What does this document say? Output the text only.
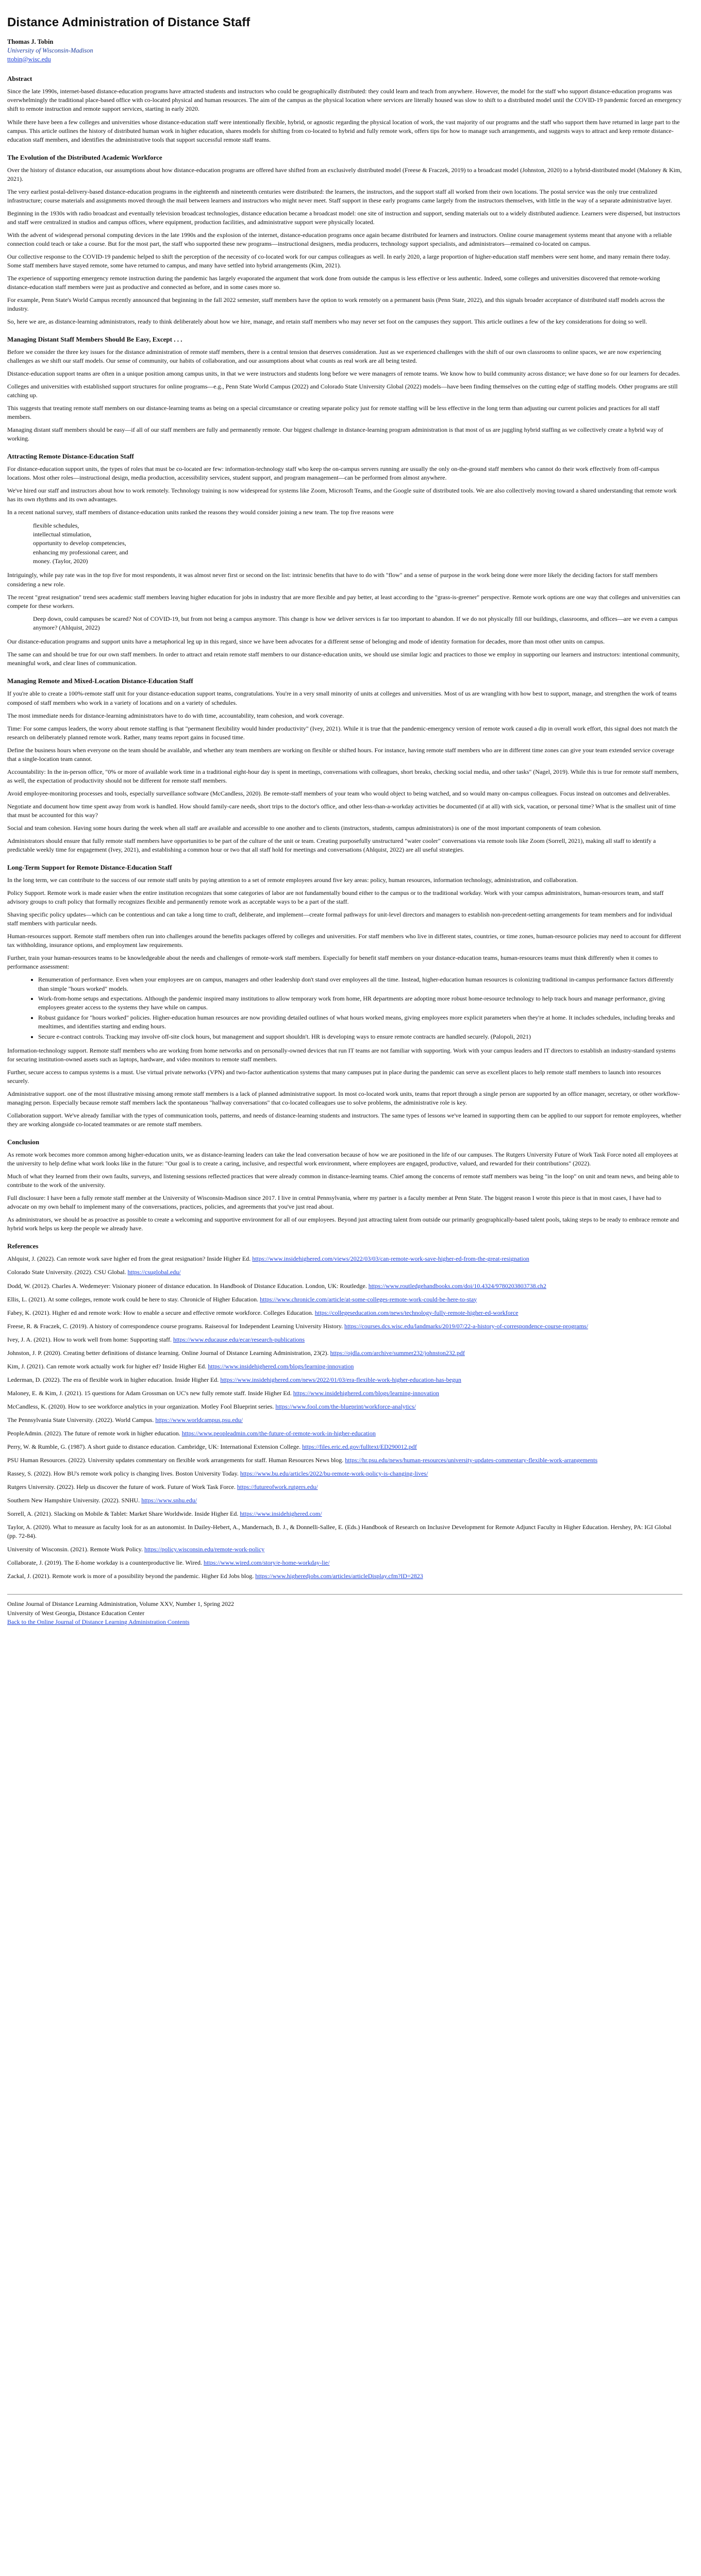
Distance Administration of Distance Staff
Thomas J. Tobin
University of Wisconsin-Madison
ttobin@wisc.edu
Abstract

Since the late 1990s, internet-based distance-education programs have attracted students and instructors who could be geographically distributed: they could learn and teach from anywhere. However, the model for the staff who support distance-education programs was overwhelmingly the traditional place-based office with co-located physical and human resources. The aim of the campus as the physical location where services are literally housed was slow to shift to a distributed model until the COVID-19 pandemic forced an emergency shift to remote instruction and remote support services, starting in early 2020.

While there have been a few colleges and universities whose distance-education staff were intentionally flexible, hybrid, or agnostic regarding the physical location of work, the vast majority of our programs and the staff who support them have returned in large part to the campus. This article outlines the history of distributed human work in higher education, shares models for shifting from co-located to hybrid and fully remote work, offers tips for how to manage such arrangements, and suggests ways to attract and keep remote distance-education staff members, and identifies the administrative tools that support successful remote staff teams.

The Evolution of the Distributed Academic Workforce

Over the history of distance education, our assumptions about how distance-education programs are offered have shifted from an exclusively distributed model (Freese & Fraczek, 2019) to a broadcast model (Johnston, 2020) to a hybrid-distributed model (Maloney & Kim, 2021).

The very earliest postal-delivery-based distance-education programs in the eighteenth and nineteenth centuries were distributed: the learners, the instructors, and the support staff all worked from their own locations. The postal service was the only true centralized infrastructure; course materials and assignments moved through the mail between learners and instructors who might never meet. Staff support in these early programs came largely from the instructors themselves, with little in the way of a separate administrative layer.

Beginning in the 1930s with radio broadcast and eventually television broadcast technologies, distance education became a broadcast model: one site of instruction and support, sending materials out to a widely distributed audience. Learners were dispersed, but instructors and staff were centralized in studios and campus offices, where equipment, production facilities, and administrative support were physically located.

With the advent of widespread personal computing devices in the late 1990s and the explosion of the internet, distance-education programs once again became distributed for learners and instructors. Online course management systems meant that anyone with a reliable connection could teach or take a course. But for the most part, the staff who supported these new programs—instructional designers, media producers, technology support specialists, and administrators—remained co-located on campus.

Our collective response to the COVID-19 pandemic helped to shift the perception of the necessity of co-located work for our campus colleagues as well. In early 2020, a large proportion of higher-education staff members were sent home, and many remain there today. Some staff members have stayed remote, some have returned to campus, and many have settled into hybrid arrangements (Kim, 2021).

The experience of supporting emergency remote instruction during the pandemic has largely evaporated the argument that work done from outside the campus is less effective or less authentic. Indeed, some colleges and universities discovered that remote-working distance-education staff members were just as productive and connected as before, and in some cases more so.

For example, Penn State's World Campus recently announced that beginning in the fall 2022 semester, staff members have the option to work remotely on a permanent basis (Penn State, 2022), and this signals broader acceptance of distributed staff models across the industry.

So, here we are, as distance-learning administrators, ready to think deliberately about how we hire, manage, and retain staff members who may never set foot on the campuses they support. This article outlines a few of the key considerations for doing so well.

Managing Distant Staff Members Should Be Easy, Except . . .

Before we consider the three key issues for the distance administration of remote staff members, there is a central tension that deserves consideration. Just as we experienced challenges with the shift of our own classrooms to online spaces, we are now experiencing challenges as we shift our staff models. Our sense of community, our habits of collaboration, and our assumptions about what counts as real work are all being tested.

Distance-education support teams are often in a unique position among campus units, in that we were instructors and students long before we were managers of remote teams. We know how to build community across distance; we have done so for our learners for decades.

Colleges and universities with established support structures for online programs—e.g., Penn State World Campus (2022) and Colorado State University Global (2022) models—have been finding themselves on the cutting edge of staffing models. Other programs are still catching up.

This suggests that treating remote staff members on our distance-learning teams as being on a special circumstance or creating separate policy just for remote staffing will be less effective in the long term than adjusting our current policies and practices for all staff members.

Managing distant staff members should be easy—if all of our staff members are fully and permanently remote. Our biggest challenge in distance-learning program administration is that most of us are juggling hybrid staffing as we collectively create a hybrid way of working.

Attracting Remote Distance-Education Staff

For distance-education support units, the types of roles that must be co-located are few: information-technology staff who keep the on-campus servers running are usually the only on-the-ground staff members who cannot do their work effectively from off-campus locations. Most other roles—instructional design, media production, accessibility services, student support, and program management—can be performed from almost anywhere.

We've hired our staff and instructors about how to work remotely. Technology training is now widespread for systems like Zoom, Microsoft Teams, and the Google suite of distributed tools. We are also collectively moving toward a shared understanding that remote work has its own rhythms and its own advantages.

In a recent national survey, staff members of distance-education units ranked the reasons they would consider joining a new team. The top five reasons were

flexible schedules,
intellectual stimulation,
opportunity to develop competencies,
enhancing my professional career, and
money. (Taylor, 2020)

Intriguingly, while pay rate was in the top five for most respondents, it was almost never first or second on the list: intrinsic benefits that have to do with "flow" and a sense of purpose in the work being done were more likely the deciding factors for staff members considering a new role.

The recent "great resignation" trend sees academic staff members leaving higher education for jobs in industry that are more flexible and pay better, at least according to the "grass-is-greener" perspective. Remote work options are one way that colleges and universities can compete for these workers.

Deep down, could campuses be scared? Not of COVID-19, but from not being a campus anymore. This change is how we deliver services is far too important to abandon. If we do not physically fill our buildings, classrooms, and offices—are we even a campus anymore? (Ahlquist, 2022)

Our distance-education programs and support units have a metaphorical leg up in this regard, since we have been advocates for a different sense of belonging and mode of identity formation for decades, more than most other units on campus.

The same can and should be true for our own staff members. In order to attract and retain remote staff members to our distance-education units, we should use similar logic and practices to those we employ in supporting our learners and instructors: intentional community, meaningful work, and clear lines of communication.

Managing Remote and Mixed-Location Distance-Education Staff

If you're able to create a 100%-remote staff unit for your distance-education support teams, congratulations. You're in a very small minority of units at colleges and universities. Most of us are wrangling with how best to support, manage, and strengthen the work of teams composed of staff members who work in a variety of locations and on a variety of schedules.

The most immediate needs for distance-learning administrators have to do with time, accountability, team cohesion, and work coverage.

Time: For some campus leaders, the worry about remote staffing is that "permanent flexibility would hinder productivity" (Ivey, 2021). While it is true that the pandemic-emergency version of remote work caused a dip in overall work effort, this signal does not match the research on deliberately planned remote work. Rather, many teams report gains in focused time.

Define the business hours when everyone on the team should be available, and whether any team members are working on flexible or shifted hours. For instance, having remote staff members who are in different time zones can give your team extended service coverage that a single-location team cannot.

Accountability: In the in-person office, "0% or more of available work time in a traditional eight-hour day is spent in meetings, conversations with colleagues, short breaks, checking social media, and other tasks" (Nagel, 2019). While this is true for remote staff members, as well, the expectation of productivity should not be different for remote staff members.

Avoid employee-monitoring processes and tools, especially surveillance software (McCandless, 2020). Be remote-staff members of your team who would object to being watched, and so would many on-campus colleagues. Focus instead on outcomes and deliverables.

Negotiate and document how time spent away from work is handled. How should family-care needs, short trips to the doctor's office, and other less-than-a-workday activities be documented (if at all) with sick, vacation, or personal time? What is the smallest unit of time that must be accounted for this way?

Social and team cohesion. Having some hours during the week when all staff are available and accessible to one another and to clients (instructors, students, campus administrators) is one of the most important components of team cohesion.

Administrators should ensure that fully remote staff members have opportunities to be part of the culture of the unit or team. Creating purposefully unstructured "water cooler" conversations via remote tools like Zoom (Sorrell, 2021), making all staff to identify a predictable weekly time for engagement (Ivey, 2021), and establishing a common hour or two that all staff hold for meetings and conversations (Ahlquist, 2022) are all useful strategies.

Long-Term Support for Remote Distance-Education Staff

In the long term, we can contribute to the success of our remote staff units by paying attention to a set of remote employees around five key areas: policy, human resources, information technology, administration, and collaboration.

Policy Support. Remote work is made easier when the entire institution recognizes that some categories of labor are not fundamentally bound either to the campus or to the traditional workday. Work with your campus administrators, human-resources team, and staff advisory groups to craft policy that formally recognizes flexible and permanently remote work as acceptable ways to be a part of the staff.

Shaving specific policy updates—which can be contentious and can take a long time to craft, deliberate, and implement—create formal pathways for unit-level directors and managers to establish non-precedent-setting arrangements for team members and for individual staff members with particular needs.

Human-resources support. Remote staff members often run into challenges around the benefits packages offered by colleges and universities. For staff members who live in different states, countries, or time zones, human-resource policies may need to account for different tax withholding, insurance options, and employment law requirements.

Further, train your human-resources teams to be knowledgeable about the needs and challenges of remote-work staff members. Especially for benefit staff members on your distance-education teams, human-resources teams must think differently when it comes to performance assessment:

• Renumeration of performance. Even when your employees are on campus, managers and other leadership don't stand over employees all the time. Instead, higher-education human resources is colonizing traditional in-campus performance factors differently than simple "hours worked" models.
• Work-from-home setups and expectations. Although the pandemic inspired many institutions to allow temporary work from home, HR departments are adopting more robust home-resource technology to help track hours and manage performance, giving employees greater access to the systems they have while on campus.
• Robust guidance for "hours worked" policies. Higher-education human resources are now providing detailed outlines of what hours worked means, giving employees more explicit parameters when they're at home. It includes schedules, including breaks and mealtimes, and identifies starting and ending hours.
• Secure e-contract controls. Tracking may involve off-site clock hours, but management and support shouldn't. HR is developing ways to ensure remote contracts are handled securely. (Palopoli, 2021)

Information-technology support. Remote staff members who are working from home networks and on personally-owned devices that run IT teams are not familiar with supporting. Work with your campus leaders and IT directors to establish an industry-standard systems for securing institution-owned assets such as laptops, hardware, and video monitors to remote staff members.

Further, secure access to campus systems is a must. Use virtual private networks (VPN) and two-factor authentication systems that many campuses put in place during the pandemic can serve as excellent places to help remote staff members to launch into resources securely.

Administrative support. one of the most illustrative missing among remote staff members is a lack of planned administrative support. In most co-located work units, teams that report through a single person are supported by an office manager, secretary, or other workflow-managing person. Especially because remote staff members lack the spontaneous "hallway conversations" that co-located colleagues use to solve problems, the administrative role is key.

Collaboration support. We've already familiar with the types of communication tools, patterns, and needs of distance-learning students and instructors. The same types of lessons we've learned in supporting them can be applied to our support for remote employees, whether they are working alongside co-located teammates or are remote staff members.

Conclusion

As remote work becomes more common among higher-education units, we as distance-learning leaders can take the lead conversation because of how we are positioned in the life of our campuses. The Rutgers University Future of Work Task Force noted all employees at the university to help define what work looks like in the future: "Our goal is to create a caring, inclusive, and respectful work environment, where employees are engaged, productive, valued, and rewarded for their contributions" (2022).

Much of what they learned from their own faults, surveys, and listening sessions reflected practices that were already common in distance-learning teams. Chief among the concerns of remote staff members was being "in the loop" on unit and team news, and being able to contribute to the work of the university.

Full disclosure: I have been a fully remote staff member at the University of Wisconsin-Madison since 2017. I live in central Pennsylvania, where my partner is a faculty member at Penn State. The biggest reason I wrote this piece is that in most cases, I have had to advocate on my own behalf to implement many of the conversations, practices, policies, and agreements that you've just read about.

As administrators, we should be as proactive as possible to create a welcoming and supportive environment for all of our employees. Beyond just attracting talent from outside our primarily geographically-based talent pools, taking steps to be ready to embrace remote and hybrid work helps us keep the people we already have.

References

Ahlquist, J. (2022). Can remote work save higher ed from the great resignation? Inside Higher Ed. https://www.insidehighered.com/views/2022/03/03/can-remote-work-save-higher-ed-from-the-great-resignation

Colorado State University. (2022). CSU Global. https://csuglobal.edu/

Dodd, W. (2012). Charles A. Wedemeyer: Visionary pioneer of distance education. In Handbook of Distance Education. London, UK: Routledge. https://www.routledgehandbooks.com/doi/10.4324/9780203803738.ch2

Ellis, L. (2021). At some colleges, remote work could be here to stay. Chronicle of Higher Education. https://www.chronicle.com/article/at-some-colleges-remote-work-could-be-here-to-stay

Fabey, K. (2021). Higher ed and remote work: How to enable a secure and effective remote workforce. Colleges Education. https://collegeseducation.com/news/technology-fully-remote-higher-ed-workforce

Freese, R. & Fraczek, C. (2019). A history of correspondence course programs. Raiseoval for Independent Learning University History. https://courses.dcs.wisc.edu/landmarks/2019/07/22-a-history-of-correspondence-course-programs/

Ivey, J. A. (2021). How to work well from home: Supporting staff. https://www.educause.edu/ecar/research-publications

Johnston, J. P. (2020). Creating better definitions of distance learning. Online Journal of Distance Learning Administration, 23(2). https://ojdla.com/archive/summer232/johnston232.pdf

Kim, J. (2021). Can remote work actually work for higher ed? Inside Higher Ed. https://www.insidehighered.com/blogs/learning-innovation

Lederman, D. (2022). The era of flexible work in higher education. Inside Higher Ed. https://www.insidehighered.com/news/2022/01/03/era-flexible-work-higher-education-has-begun

Maloney, E. & Kim, J. (2021). 15 questions for Adam Grossman on UC's new fully remote staff. Inside Higher Ed. https://www.insidehighered.com/blogs/learning-innovation

McCandless, K. (2020). How to see workforce analytics in your organization. Motley Fool Blueprint series. https://www.fool.com/the-blueprint/workforce-analytics/

The Pennsylvania State University. (2022). World Campus. https://www.worldcampus.psu.edu/

PeopleAdmin. (2022). The future of remote work in higher education. https://www.peopleadmin.com/the-future-of-remote-work-in-higher-education

Perry, W. & Rumble, G. (1987). A short guide to distance education. Cambridge, UK: International Extension College. https://files.eric.ed.gov/fulltext/ED290012.pdf

PSU Human Resources. (2022). University updates commentary on flexible work arrangements for staff. Human Resources News blog. https://hr.psu.edu/news/human-resources/university-updates-commentary-flexible-work-arrangements

Rassey, S. (2022). How BU's remote work policy is changing lives. Boston University Today. https://www.bu.edu/articles/2022/bu-remote-work-policy-is-changing-lives/

Rutgers University. (2022). Help us discover the future of work. Future of Work Task Force. https://futureofwork.rutgers.edu/

Southern New Hampshire University. (2022). SNHU. https://www.snhu.edu/

Sorrell, A. (2021). Slacking on Mobile & Tablet: Market Share Worldwide. Inside Higher Ed. https://www.insidehighered.com/

Taylor, A. (2020). What to measure as faculty look for as an autonomist. In Dailey-Hebert, A., Mandernach, B. J., & Donnelli-Sallee, E. (Eds.) Handbook of Research on Inclusive Development for Remote Adjunct Faculty in Higher Education. Hershey, PA: IGI Global (pp. 72-84).

University of Wisconsin. (2021). Remote Work Policy. https://policy.wisconsin.edu/remote-work-policy

Collaborate, J. (2019). The E-home workday is a counterproductive lie. Wired. https://www.wired.com/story/e-home-workday-lie/

Zackal, J. (2021). Remote work is more of a possibility beyond the pandemic. Higher Ed Jobs blog. https://www.higheredjobs.com/articles/articleDisplay.cfm?ID=2823

Online Journal of Distance Learning Administration, Volume XXV, Number 1, Spring 2022
University of West Georgia, Distance Education Center
Back to the Online Journal of Distance Learning Administration Contents
